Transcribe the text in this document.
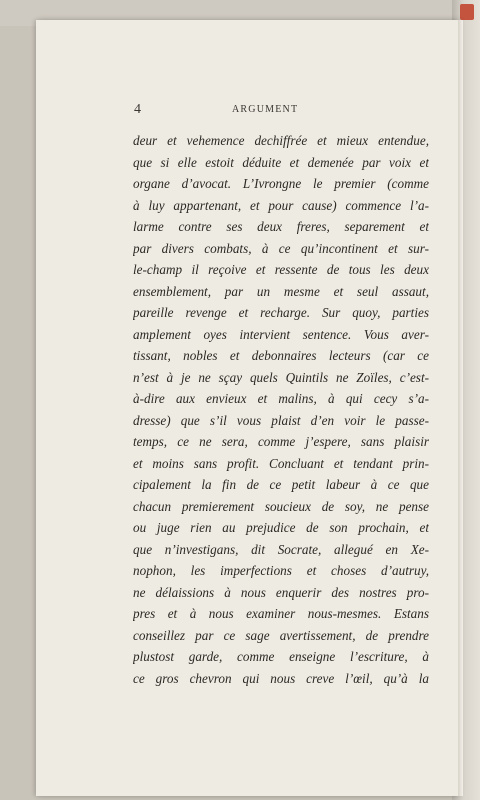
4	ARGUMENT
deur et vehemence dechiffrée et mieux entendue,
que si elle estoit déduite et demenée par voix et
organe d’avocat. L’Ivrongne le premier (comme
à luy appartenant, et pour cause) commence l’a-
larme contre ses deux freres, separement et
par divers combats, à ce qu’incontinent et sur-
le-champ il reçoive et ressente de tous les deux
ensemblement, par un mesme et seul assaut,
pareille revenge et recharge. Sur quoy, parties
amplement oyes intervient sentence. Vous aver-
tissant, nobles et debonnaires lecteurs (car ce
n’est à je ne sçay quels Quintils ne Zoïles, c’est-
à-dire aux envieux et malins, à qui cecy s’a-
dresse) que s’il vous plaist d’en voir le passe-
temps, ce ne sera, comme j’espere, sans plaisir
et moins sans profit. Concluant et tendant prin-
cipalement la fin de ce petit labeur à ce que
chacun premierement soucieux de soy, ne pense
ou juge rien au prejudice de son prochain, et
que n’investigans, dit Socrate, allegué en Xe-
nophon, les imperfections et choses d’autruy,
ne délaissions à nous enquerir des nostres pro-
pres et à nous examiner nous-mesmes. Estans
conseillez par ce sage avertissement, de prendre
plustost garde, comme enseigne l’escriture, à
ce gros chevron qui nous creve l’œil, qu’à la
